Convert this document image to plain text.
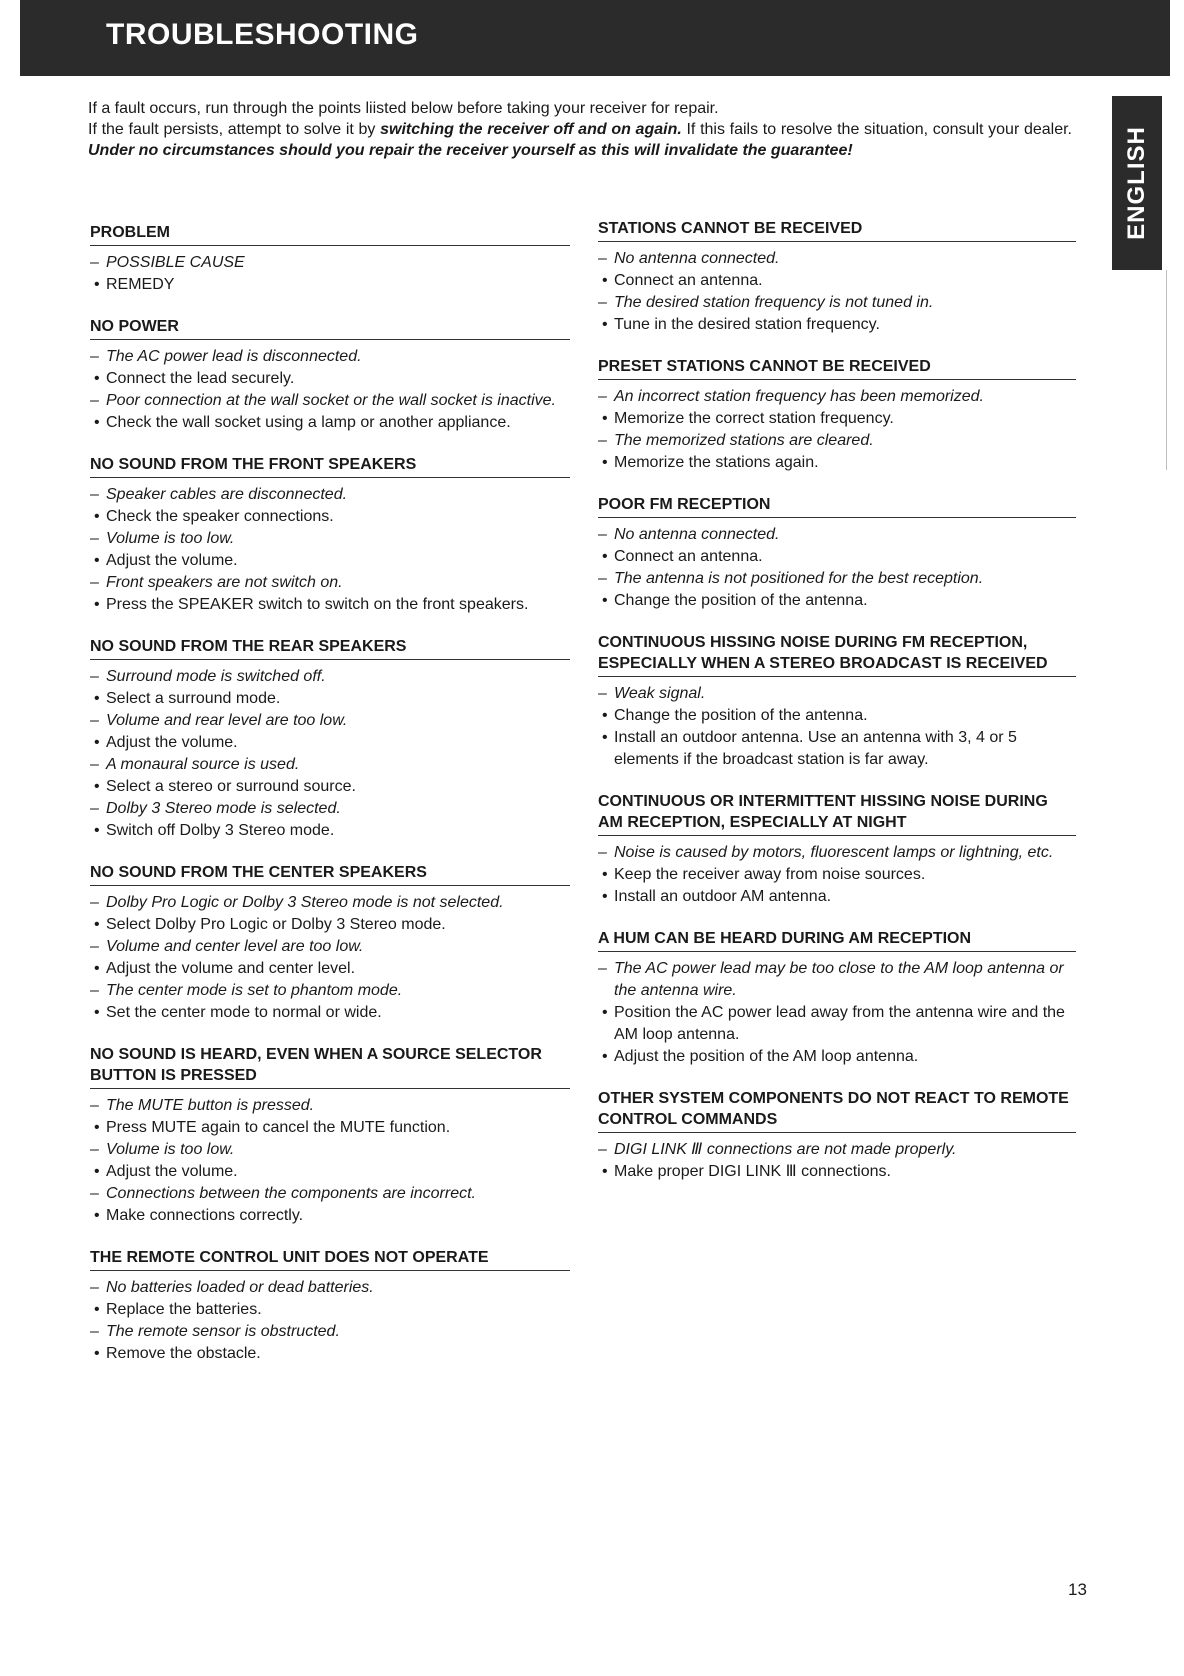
TROUBLESHOOTING
ENGLISH

If a fault occurs, run through the points liisted below before taking your receiver for repair.

If the fault persists, attempt to solve it by switching the receiver off and on again. If this fails to resolve the situation, consult your dealer. Under no circumstances should you repair the receiver yourself as this will invalidate the guarantee!

PROBLEM

– POSSIBLE CAUSE

• REMEDY

NO POWER

– The AC power lead is disconnected.

• Connect the lead securely.

– Poor connection at the wall socket or the wall socket is inactive.

• Check the wall socket using a lamp or another appliance.

NO SOUND FROM THE FRONT SPEAKERS

– Speaker cables are disconnected.

• Check the speaker connections.

– Volume is too low.

• Adjust the volume.

– Front speakers are not switch on.

• Press the SPEAKER switch to switch on the front speakers.

NO SOUND FROM THE REAR SPEAKERS

– Surround mode is switched off.

• Select a surround mode.

– Volume and rear level are too low.

• Adjust the volume.

– A monaural source is used.

• Select a stereo or surround source.

– Dolby 3 Stereo mode is selected.

• Switch off Dolby 3 Stereo mode.

NO SOUND FROM THE CENTER SPEAKERS

– Dolby Pro Logic or Dolby 3 Stereo mode is not selected.

• Select Dolby Pro Logic or Dolby 3 Stereo mode.

– Volume and center level are too low.

• Adjust the volume and center level.

– The center mode is set to phantom mode.

• Set the center mode to normal or wide.

NO SOUND IS HEARD, EVEN WHEN A SOURCE SELECTOR BUTTON IS PRESSED

– The MUTE button is pressed.

• Press MUTE again to cancel the MUTE function.

– Volume is too low.

• Adjust the volume.

– Connections between the components are incorrect.

• Make connections correctly.

THE REMOTE CONTROL UNIT DOES NOT OPERATE

– No batteries loaded or dead batteries.

• Replace the batteries.

– The remote sensor is obstructed.

• Remove the obstacle.

STATIONS CANNOT BE RECEIVED

– No antenna connected.

• Connect an antenna.

– The desired station frequency is not tuned in.

• Tune in the desired station frequency.

PRESET STATIONS CANNOT BE RECEIVED

– An incorrect station frequency has been memorized.

• Memorize the correct station frequency.

– The memorized stations are cleared.

• Memorize the stations again.

POOR FM RECEPTION

– No antenna connected.

• Connect an antenna.

– The antenna is not positioned for the best reception.

• Change the position of the antenna.

CONTINUOUS HISSING NOISE DURING FM RECEPTION, ESPECIALLY WHEN A STEREO BROADCAST IS RECEIVED

– Weak signal.

• Change the position of the antenna.

• Install an outdoor antenna. Use an antenna with 3, 4 or 5 elements if the broadcast station is far away.

CONTINUOUS OR INTERMITTENT HISSING NOISE DURING AM RECEPTION, ESPECIALLY AT NIGHT

– Noise is caused by motors, fluorescent lamps or lightning, etc.

• Keep the receiver away from noise sources.

• Install an outdoor AM antenna.

A HUM CAN BE HEARD DURING AM RECEPTION

– The AC power lead may be too close to the AM loop antenna or the antenna wire.

• Position the AC power lead away from the antenna wire and the AM loop antenna.

• Adjust the position of the AM loop antenna.

OTHER SYSTEM COMPONENTS DO NOT REACT TO REMOTE CONTROL COMMANDS

– DIGI LINK Ⅲ connections are not made properly.

• Make proper DIGI LINK Ⅲ connections.

13
